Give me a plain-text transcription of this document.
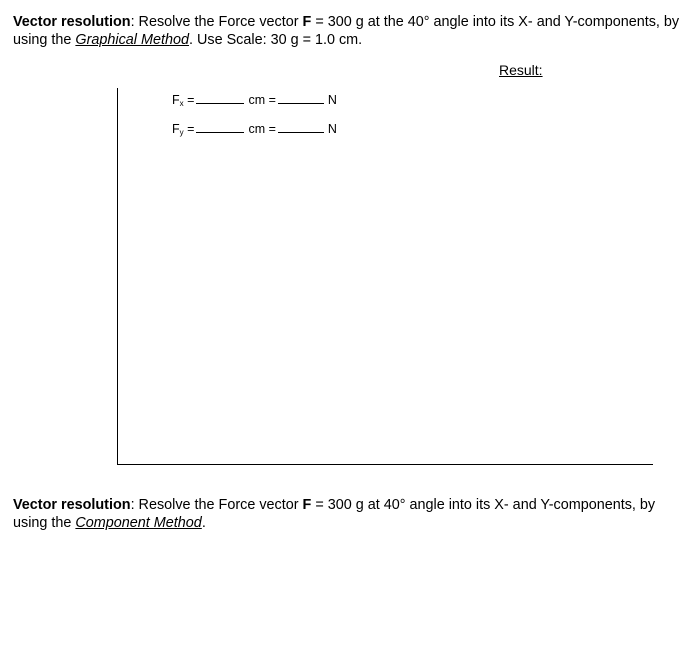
Vector resolution: Resolve the Force vector F = 300 g at the 40° angle into its X- and Y-components, by using the Graphical Method. Use Scale: 30 g = 1.0 cm.
Result:
$F_x$ =	cm =	N
$F_y$ =	cm =	N
Vector resolution: Resolve the Force vector F = 300 g at 40° angle into its X- and Y-components, by using the Component Method.
